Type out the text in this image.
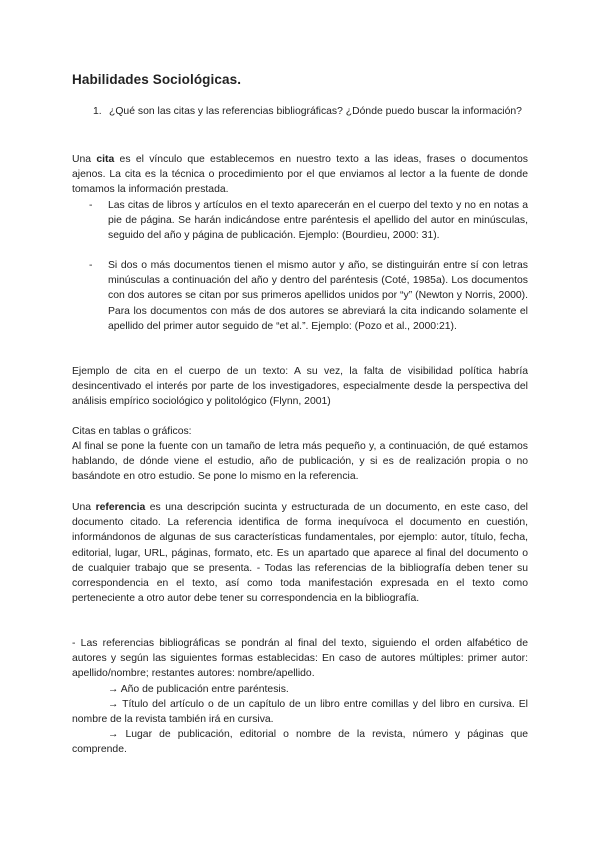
Habilidades Sociológicas.
1. ¿Qué son las citas y las referencias bibliográficas? ¿Dónde puedo buscar la información?

Una cita es el vínculo que establecemos en nuestro texto a las ideas, frases o documentos ajenos. La cita es la técnica o procedimiento por el que enviamos al lector a la fuente de donde tomamos la información prestada.

- Las citas de libros y artículos en el texto aparecerán en el cuerpo del texto y no en notas a pie de página. Se harán indicándose entre paréntesis el apellido del autor en minúsculas, seguido del año y página de publicación. Ejemplo: (Bourdieu, 2000: 31).
- Si dos o más documentos tienen el mismo autor y año, se distinguirán entre sí con letras minúsculas a continuación del año y dentro del paréntesis (Coté, 1985a). Los documentos con dos autores se citan por sus primeros apellidos unidos por “y” (Newton y Norris, 2000). Para los documentos con más de dos autores se abreviará la cita indicando solamente el apellido del primer autor seguido de “et al.”. Ejemplo: (Pozo et al., 2000:21).

Ejemplo de cita en el cuerpo de un texto: A su vez, la falta de visibilidad política habría desincentivado el interés por parte de los investigadores, especialmente desde la perspectiva del análisis empírico sociológico y politológico (Flynn, 2001)

Citas en tablas o gráficos:

Al final se pone la fuente con un tamaño de letra más pequeño y, a continuación, de qué estamos hablando, de dónde viene el estudio, año de publicación, y si es de realización propia o no basándote en otro estudio. Se pone lo mismo en la referencia.

Una referencia es una descripción sucinta y estructurada de un documento, en este caso, del documento citado. La referencia identifica de forma inequívoca el documento en cuestión, informándonos de algunas de sus características fundamentales, por ejemplo: autor, título, fecha, editorial, lugar, URL, páginas, formato, etc. Es un apartado que aparece al final del documento o de cualquier trabajo que se presenta. - Todas las referencias de la bibliografía deben tener su correspondencia en el texto, así como toda manifestación expresada en el texto como perteneciente a otro autor debe tener su correspondencia en la bibliografía.

- Las referencias bibliográficas se pondrán al final del texto, siguiendo el orden alfabético de autores y según las siguientes formas establecidas: En caso de autores múltiples: primer autor: apellido/nombre; restantes autores: nombre/apellido.

→ Año de publicación entre paréntesis.

→ Título del artículo o de un capítulo de un libro entre comillas y del libro en cursiva. El nombre de la revista también irá en cursiva.

→ Lugar de publicación, editorial o nombre de la revista, número y páginas que comprende.
